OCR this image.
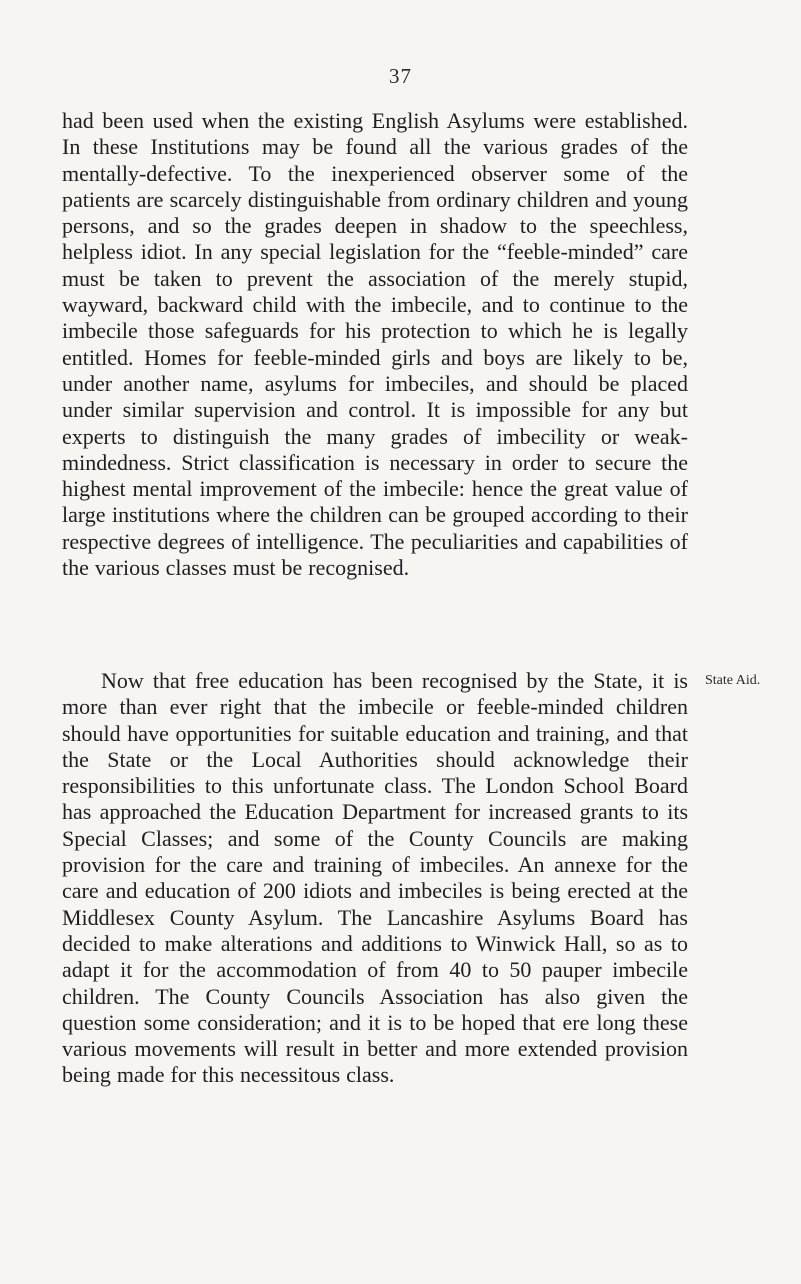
37

had been used when the existing English Asylums were established. In these Institutions may be found all the various grades of the mentally-defective. To the inexperienced observer some of the patients are scarcely distinguishable from ordinary children and young persons, and so the grades deepen in shadow to the speechless, helpless idiot. In any special legislation for the “feeble-minded” care must be taken to prevent the association of the merely stupid, wayward, backward child with the imbecile, and to continue to the imbecile those safeguards for his protection to which he is legally entitled. Homes for feeble-minded girls and boys are likely to be, under another name, asylums for imbeciles, and should be placed under similar supervision and control. It is impossible for any but experts to distinguish the many grades of imbecility or weak-mindedness. Strict classification is necessary in order to secure the highest mental improvement of the imbecile: hence the great value of large institutions where the children can be grouped according to their respective degrees of intelligence. The peculiarities and capabilities of the various classes must be recognised.

State Aid.

Now that free education has been recognised by the State, it is more than ever right that the imbecile or feeble-minded children should have opportunities for suitable education and training, and that the State or the Local Authorities should acknowledge their responsibilities to this unfortunate class. The London School Board has approached the Education Department for increased grants to its Special Classes; and some of the County Councils are making provision for the care and training of imbeciles. An annexe for the care and education of 200 idiots and imbeciles is being erected at the Middlesex County Asylum. The Lancashire Asylums Board has decided to make alterations and additions to Winwick Hall, so as to adapt it for the accommodation of from 40 to 50 pauper imbecile children. The County Councils Association has also given the question some consideration; and it is to be hoped that ere long these various movements will result in better and more extended provision being made for this necessitous class.
